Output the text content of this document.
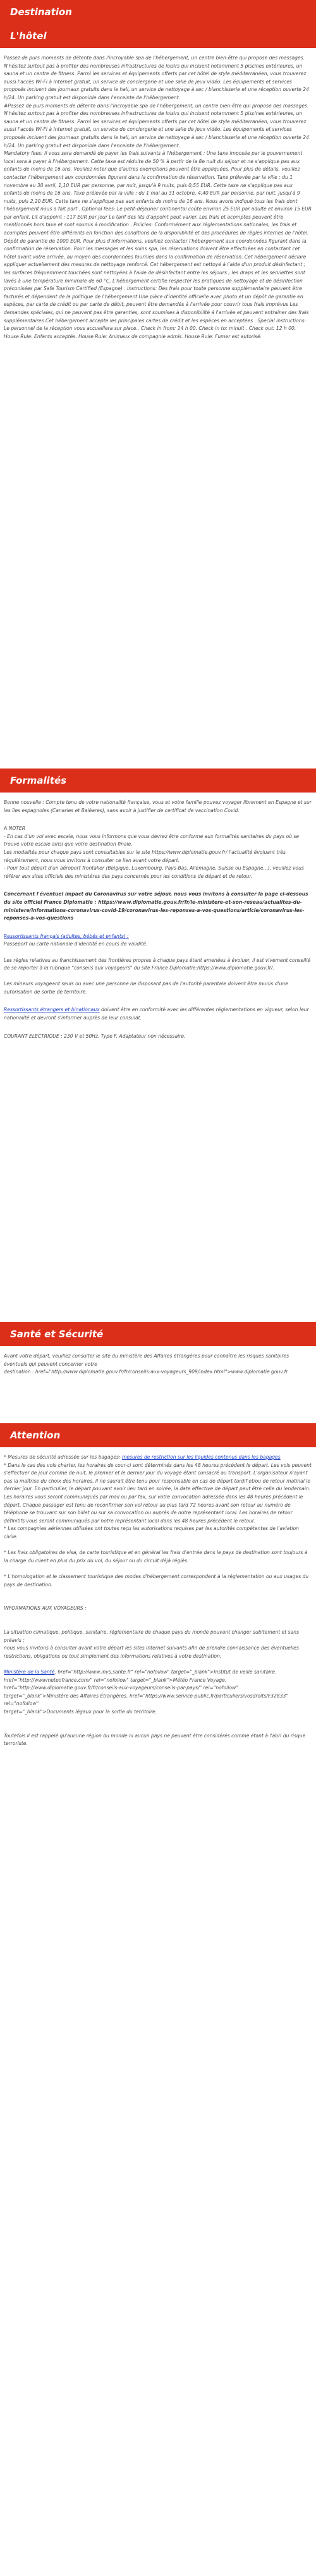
Destination
L'hôtel

Passez de purs moments de détente dans l'incroyable spa de l'hébergement, un centre bien-être qui propose des massages. N'hésitez surtout pas à profiter des nombreuses infrastructures de loisirs qui incluent notamment 5 piscines extérieures, un sauna et un centre de fitness. Parmi les services et équipements offerts par cet hôtel de style méditerranéen, vous trouverez aussi l'accès Wi-Fi à Internet gratuit, un service de conciergerie et une salle de jeux vidéo. Les équipements et services proposés incluent des journaux gratuits dans le hall, un service de nettoyage à sec / blanchisserie et une réception ouverte 24 h/24. Un parking gratuit est disponible dans l'enceinte de l'hébergement.
#Passez de purs moments de détente dans l'incroyable spa de l'hébergement, un centre bien-être qui propose des massages. N'hésitez surtout pas à profiter des nombreuses infrastructures de loisirs qui incluent notamment 5 piscines extérieures, un sauna et un centre de fitness. Parmi les services et équipements offerts par cet hôtel de style méditerranéen, vous trouverez aussi l'accès Wi-Fi à Internet gratuit, un service de conciergerie et une salle de jeux vidéo. Les équipements et services proposés incluent des journaux gratuits dans le hall, un service de nettoyage à sec / blanchisserie et une réception ouverte 24 h/24. Un parking gratuit est disponible dans l'enceinte de l'hébergement.
Mandatory fees: Il vous sera demandé de payer les frais suivants à l'hébergement : Une taxe imposée par le gouvernement local sera à payer à l'hébergement. Cette taxe est réduite de 50 % à partir de la 8e nuit du séjour et ne s'applique pas aux enfants de moins de 16 ans. Veuillez noter que d'autres exemptions peuvent être appliquées. Pour plus de détails, veuillez contacter l'hébergement aux coordonnées figurant dans la confirmation de réservation. Taxe prélevée par la ville : du 1 novembre au 30 avril, 1,10 EUR par personne, par nuit, jusqu'à 9 nuits, puis 0,55 EUR. Cette taxe ne s'applique pas aux enfants de moins de 16 ans. Taxe prélevée par la ville : du 1 mai au 31 octobre, 4,40 EUR par personne, par nuit, jusqu'à 9 nuits, puis 2,20 EUR. Cette taxe ne s'applique pas aux enfants de moins de 16 ans. Nous avons indiqué tous les frais dont l'hébergement nous a fait part . Optional fees: Le petit-déjeuner continental coûte environ 25 EUR par adulte et environ 15 EUR par enfant. Lit d'appoint : 117 EUR par jour Le tarif des lits d'appoint peut varier. Les frais et acomptes peuvent être mentionnés hors taxe et sont soumis à modification . Policies: Conformément aux réglementations nationales, les frais et acomptes peuvent être différents en fonction des conditions de la disponibilité et des procédures de règles internes de l'hôtel. Dépôt de garantie de 1000 EUR. Pour plus d'informations, veuillez contacter l'hébergement aux coordonnées figurant dans la confirmation de réservation. Pour les messages et les soins spa, les réservations doivent être effectuées en contactant cet hôtel avant votre arrivée, au moyen des coordonnées fournies dans la confirmation de réservation. Cet hébergement déclare appliquer actuellement des mesures de nettoyage renforcé. Cet hébergement est nettoyé à l'aide d'un produit désinfectant ; les surfaces fréquemment touchées sont nettoyées à l'aide de désinfectant entre les séjours ; les draps et les serviettes sont lavés à une température minimale de 60 °C. L'hébergement certifie respecter les pratiques de nettoyage et de désinfection préconisées par Safe Tourism Certified (Espagne) . Instructions: Des frais pour toute personne supplémentaire peuvent être facturés et dépendent de la politique de l'hébergement Une pièce d'identité officielle avec photo et un dépôt de garantie en espèces, par carte de crédit ou par carte de débit, peuvent être demandés à l'arrivée pour couvrir tous frais imprévus Les demandes spéciales, qui ne peuvent pas être garanties, sont soumises à disponibilité à l'arrivée et peuvent entraîner des frais supplémentaires Cet hébergement accepte les principales cartes de crédit et les espèces en acceptées . Special instructions: Le personnel de la réception vous accueillera sur place.. Check in from: 14 h 00. Check in to: minuit . Check out: 12 h 00. House Rule: Enfants acceptés. House Rule: Animaux de compagnie admis. House Rule: Fumer est autorisé.

Formalités

Bonne nouvelle : Compte tenu de votre nationalité française, vous et votre famille pouvez voyager librement en Espagne et sur les îles espagnoles (Canaries et Baléares), sans avoir à justifier de certificat de vaccination Covid.

A NOTER

- En cas d'un vol avec escale, nous vous informons que vous devrez être conforme aux formalités sanitaires du pays où se trouve votre escale ainsi que votre destination finale.
Les modalités pour chaque pays sont consultables sur le site https://www.diplomatie.gouv.fr/ l'actualité évoluant très régulièrement, nous vous invitons à consulter ce lien avant votre départ.
- Pour tout départ d'un aéroport frontalier (Belgique, Luxembourg, Pays-Bas, Allemagne, Suisse ou Espagne...), veuillez vous référer aux sites officiels des ministères des pays concernés pour les conditions de départ et de retour.

Concernant l'éventuel impact du Coronavirus sur votre séjour, nous vous invitons à consulter la page ci-dessous du site officiel France Diplomatie : https://www.diplomatie.gouv.fr/fr/le-ministere-et-son-reseau/actualites-du-ministere/informations-coronavirus-covid-19/coronavirus-les-reponses-a-vos-questions/article/coronavirus-les-reponses-a-vos-questions

Ressortissants français (adultes, bébés et enfants) :
Passeport ou carte nationale d'identité en cours de validité.

Les règles relatives au franchissement des frontières propres à chaque pays étant amenées à évoluer, il est vivement conseillé de se reporter à la rubrique "conseils aux voyageurs" du site France Diplomatie:https://www.diplomatie.gouv.fr/.

Les mineurs voyageant seuls ou avec une personne ne disposant pas de l'autorité parentale doivent être munis d'une autorisation de sortie de territoire.

Ressortissants étrangers et binationaux doivent être en conformité avec les différentes réglementations en vigueur, selon leur nationalité et devront s'informer auprès de leur consulat.

COURANT ELECTRIQUE : 230 V et 50Hz. Type F. Adaptateur non nécessaire.

Santé et Sécurité

Avant votre départ, veuillez consulter le site du ministère des Affaires étrangères pour connaître les risques sanitaires éventuels qui peuvent concerner votre
destination : href="http://www.diplomatie.gouv.fr/fr/conseils-aux-voyageurs_909/index.html">www.diplomatie.gouv.fr

Attention

* Mesures de sécurité adressée sur les bagages: mesures de restriction sur les liquides contenus dans les bagages

* Dans le cas des vols charter, les horaires de cour-ci sont déterminés dans les 48 heures précédent le départ. Les vols peuvent s'effectuer de jour comme de nuit, le premier et le dernier jour du voyage étant consacré au transport. L'organisateur n'ayant pas la maîtrise du choix des horaires, il ne saurait être tenu pour responsable en cas de départ tardif et/ou de retour matinal le dernier jour. En particulier, le départ pouvant avoir lieu tard en soirée, la date effective de départ peut être celle du lendemain. Les horaires vous seront communiqués par mail ou par fax, sur votre convocation adressée dans les 48 heures précédent le départ. Chaque passager est tenu de reconfirmer son vol retour au plus tard 72 heures avant son retour au numéro de téléphone se trouvant sur son billet ou sur sa convocation ou auprès de notre représentant local. Les horaires de retour définitifs vous seront communiqués par notre représentant local dans les 48 heures précédent le retour.
* Les compagnies aériennes utilisées ont toutes reçu les autorisations requises par les autorités compétentes de l'aviation civile.

* Les frais obligatoires de visa, de carte touristique et en général les frais d'entrée dans le pays de destination sont toujours à la charge du client en plus du prix du vol, du séjour ou du circuit déjà réglés.

* L'homologation et le classement touristique des modes d'hébergement correspondent à la réglementation ou aux usages du pays de destination.

INFORMATIONS AUX VOYAGEURS :

La situation climatique, politique, sanitaire, réglementaire de chaque pays du monde pouvant changer subitement et sans préavis ;
nous vous invitons à consulter avant votre départ les sites Internet suivants afin de prendre connaissance des éventuelles restrictions, obligations ou tout simplement des informations relatives à votre destination.

Ministère de la Santé. href="http://www.invs.sante.fr" rel="nofollow" target="_blank">Institut de veille sanitaire.
href="http://wwwmeteofrance.com/" rel="nofollow" target="_blank">Météo France Voyage. href="http://www.diplomatie.gouv.fr/fr/conseils-aux-voyageurs/conseils-par-pays/" rel="nofollow"
target="_blank">Ministère des Affaires Étrangères. href="https://www.service-public.fr/particuliers/vosdroits/F32833" rel="nofollow"
target="_blank">Documents légaux pour la sortie du territoire.

Toutefois il est rappelé qu'aucune région du monde ni aucun pays ne peuvent être considérés comme étant à l'abri du risque terroriste.
